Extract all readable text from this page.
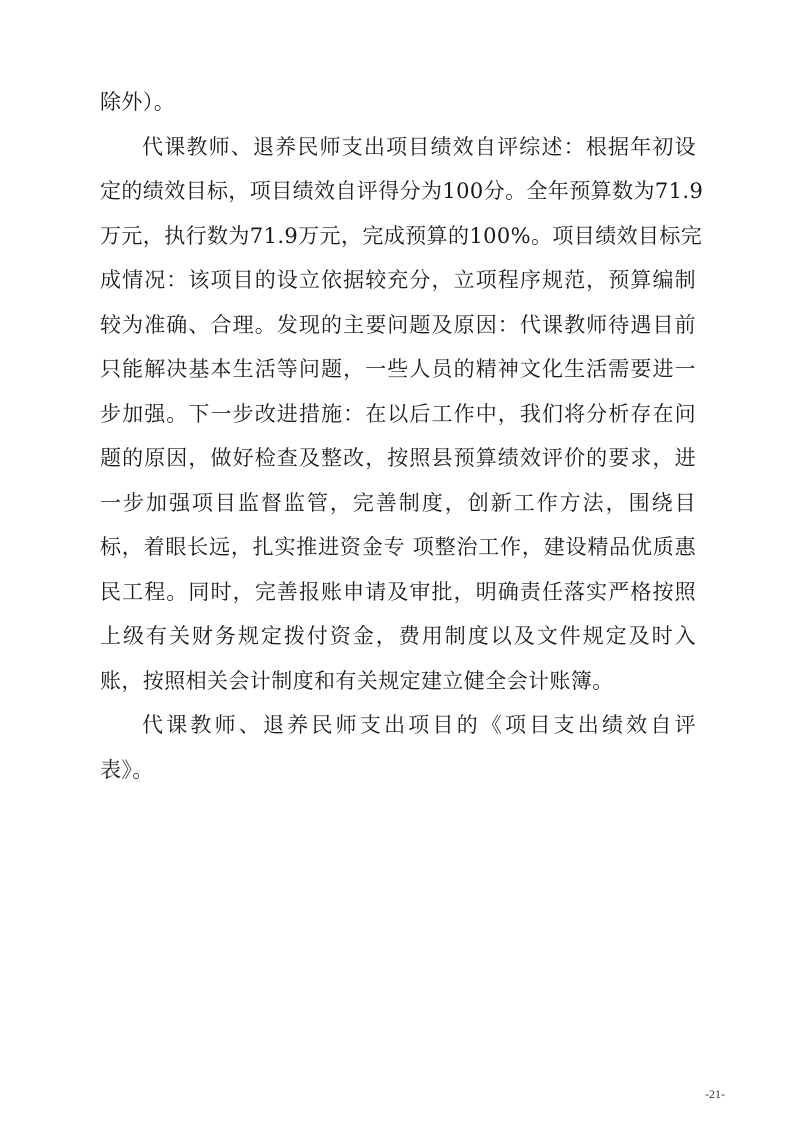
除外）。
代课教师、退养民师支出项目绩效自评综述：根据年初设
定的绩效目标，项目绩效自评得分为100分。全年预算数为71.9
万元，执行数为71.9万元，完成预算的100%。项目绩效目标完
成情况：该项目的设立依据较充分，立项程序规范，预算编制
较为准确、合理。发现的主要问题及原因：代课教师待遇目前
只能解决基本生活等问题，一些人员的精神文化生活需要进一
步加强。下一步改进措施：在以后工作中，我们将分析存在问
题的原因，做好检查及整改，按照县预算绩效评价的要求，进
一步加强项目监督监管，完善制度，创新工作方法，围绕目
标，着眼长远，扎实推进资金专 项整治工作，建设精品优质惠
民工程。同时，完善报账申请及审批，明确责任落实严格按照
上级有关财务规定拨付资金，费用制度以及文件规定及时入
账，按照相关会计制度和有关规定建立健全会计账簿。
代课教师、退养民师支出项目的《项目支出绩效自评
表》。
-21-
